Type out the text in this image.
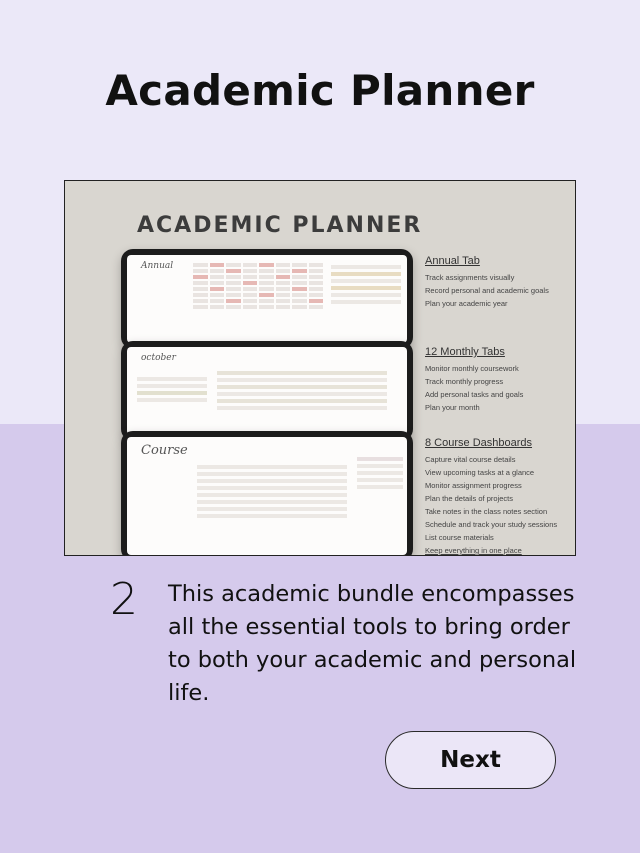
Academic Planner
ACADEMIC PLANNER
Annual
october
Course
Annual Tab
Track assignments visually
Record personal and academic goals
Plan your academic year
12 Monthly Tabs
Monitor monthly coursework
Track monthly progress
Add personal tasks and goals
Plan your month
8 Course Dashboards
Capture vital course details
View upcoming tasks at a glance
Monitor assignment progress
Plan the details of projects
Take notes in the class notes section
Schedule and track your study sessions
List course materials
Keep everything in one place
2 This academic bundle encompasses all the essential tools to bring order to both your academic and personal life.

Next
